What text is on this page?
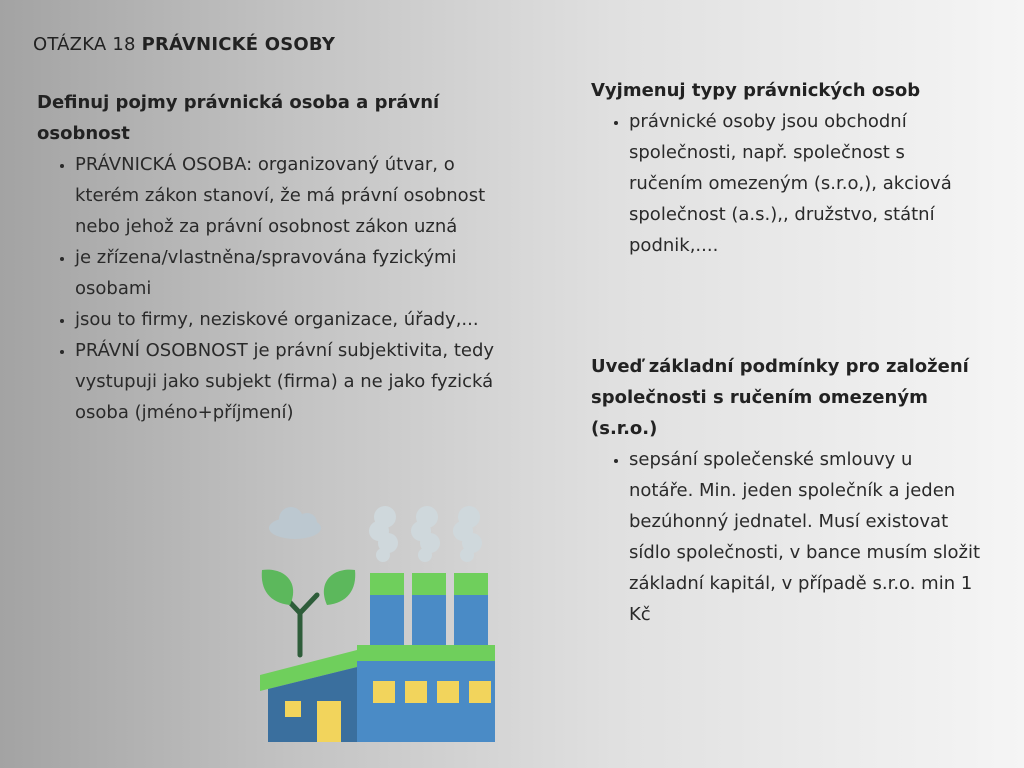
OTÁZKA 18 PRÁVNICKÉ OSOBY

Definuj pojmy právnická osoba a právní osobnost

• PRÁVNICKÁ OSOBA: organizovaný útvar, o kterém zákon stanoví, že má právní osobnost nebo jehož za právní osobnost zákon uzná
• je zřízena/vlastněna/spravována fyzickými osobami
• jsou to firmy, neziskové organizace, úřady,...
• PRÁVNÍ OSOBNOST je právní subjektivita, tedy vystupuji jako subjekt (firma) a ne jako fyzická osoba (jméno+příjmení)

Vyjmenuj typy právnických osob

• právnické osoby jsou obchodní společnosti, např. společnost s ručením omezeným (s.r.o,), akciová společnost (a.s.),, družstvo, státní podnik,....

Uveď základní podmínky pro založení společnosti s ručením omezeným (s.r.o.)

• sepsání společenské smlouvy u notáře. Min. jeden společník a jeden bezúhonný jednatel. Musí existovat sídlo společnosti, v bance musím složit základní kapitál, v případě s.r.o. min 1 Kč
